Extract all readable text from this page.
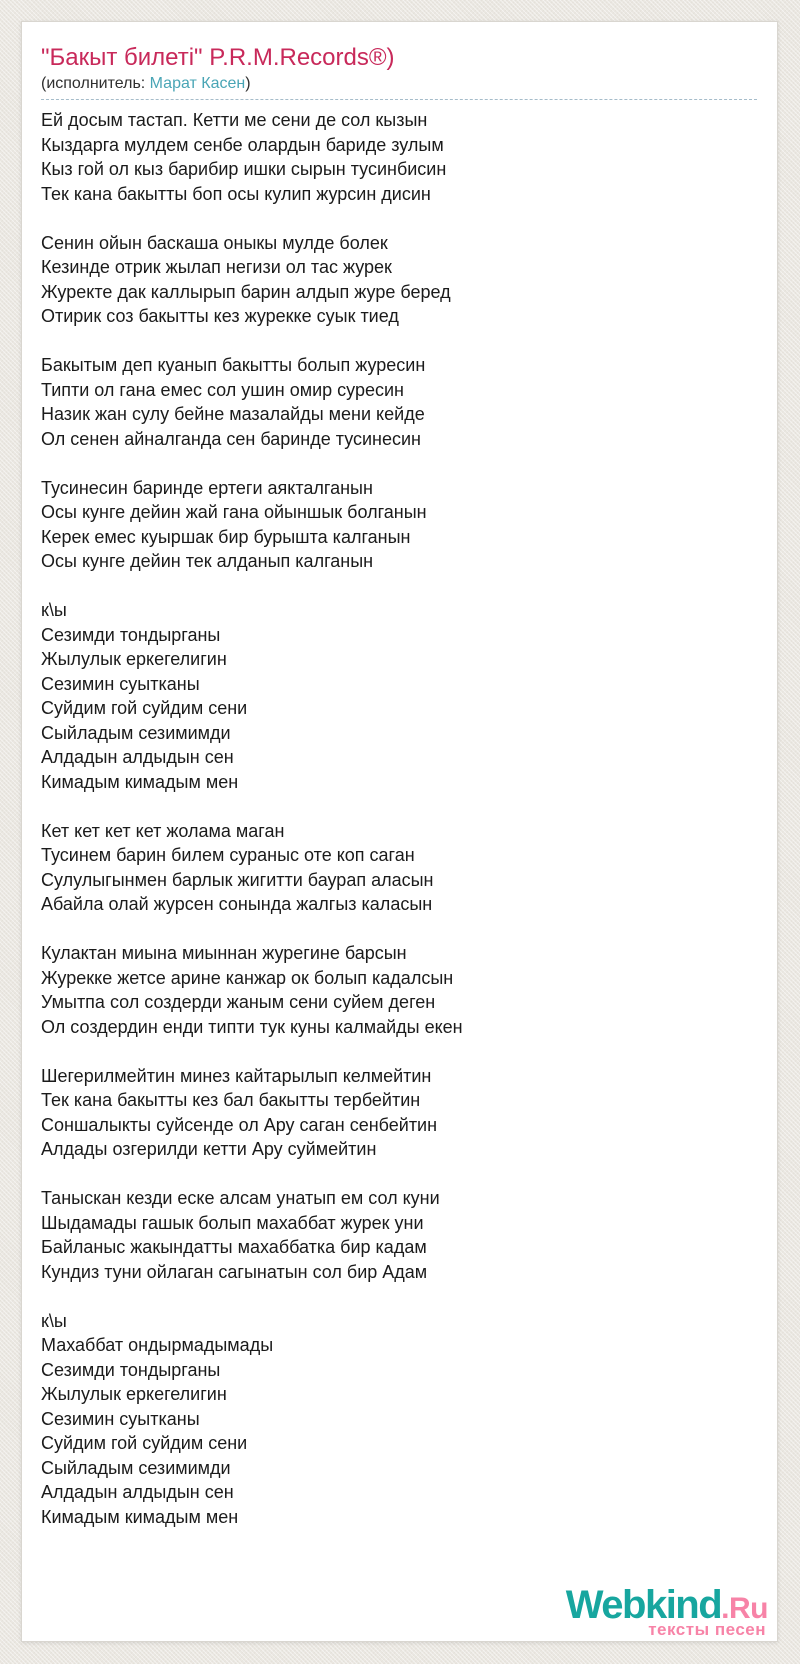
"Бакыт билеті" P.R.M.Records®)
(исполнитель: Марат Касен)

Ей досым тастап. Кетти ме сени де сол кызын
Кыздарга мулдем сенбе олардын бариде зулым
Кыз гой ол кыз барибир ишки сырын тусинбисин
Тек кана бакытты боп осы кулип журсин дисин

Сенин ойын баскаша оныкы мулде болек
Кезинде отрик жылап негизи ол тас журек
Журекте дак каллырып барин алдып журе беред
Отирик соз бакытты кез журекке суык тиед

Бакытым деп куанып бакытты болып журесин
Типти ол гана емес сол ушин омир суресин
Назик жан сулу бейне мазалайды мени кейде
Ол сенен айналганда сен баринде тусинесин

Тусинесин баринде ертеги аякталганын
Осы кунге дейин жай гана ойыншык болганын
Керек емес куыршак бир бурышта калганын
Осы кунге дейин тек алданып калганын

к\ы
Сезимди тондырганы
Жылулык еркегелигин
Сезимин суытканы
Суйдим гой суйдим сени
Сыйладым сезимимди
Алдадын алдыдын сен
Кимадым кимадым мен

Кет кет кет кет жолама маган
Тусинем барин билем сураныс оте коп саган
Сулулыгынмен барлык жигитти баурап аласын
Абайла олай журсен сонында жалгыз каласын

Кулактан миына миыннан журегине барсын
Журекке жетсе арине канжар ок болып кадалсын
Умытпа сол создерди жаным сени суйем деген
Ол создердин енди типти тук куны калмайды екен

Шегерилмейтин минез кайтарылып келмейтин
Тек кана бакытты кез бал бакытты тербейтин
Соншалыкты суйсенде ол Ару саган сенбейтин
Алдады озгерилди кетти Ару суймейтин

Таныскан кезди еске алсам унатып ем сол куни
Шыдамады гашык болып махаббат журек уни
Байланыс жакындатты махаббатка бир кадам
Кундиз туни ойлаган сагынатын сол бир Адам

к\ы
Махаббат ондырмадымады
Сезимди тондырганы
Жылулык еркегелигин
Сезимин суытканы
Суйдим гой суйдим сени
Сыйладым сезимимди
Алдадын алдыдын сен
Кимадым кимадым мен

Webkind.Ru
тексты песен
